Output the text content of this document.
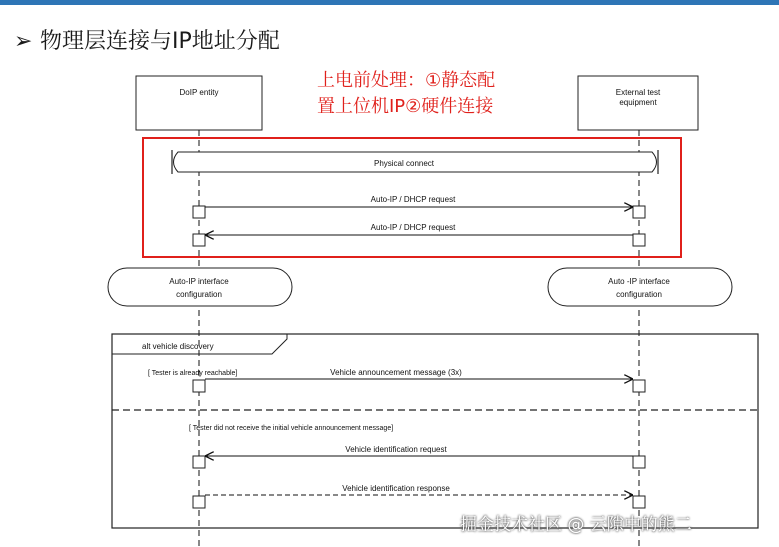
➢ 物理层连接与IP地址分配
上电前处理：①静态配
置上位机IP②硬件连接
DoIP entity	External test
equipment
Physical connect
Auto-IP / DHCP request
Auto-IP / DHCP request
Auto-IP interface
configuration
Auto -IP interface
configuration
alt vehicle discovery
[ Tester is already reachable]
[ Tester did not receive the initial vehicle announcement message]
Vehicle announcement message (3x)
Vehicle identification request
Vehicle identification response
掘金技术社区 @ 云隙中的熊二
